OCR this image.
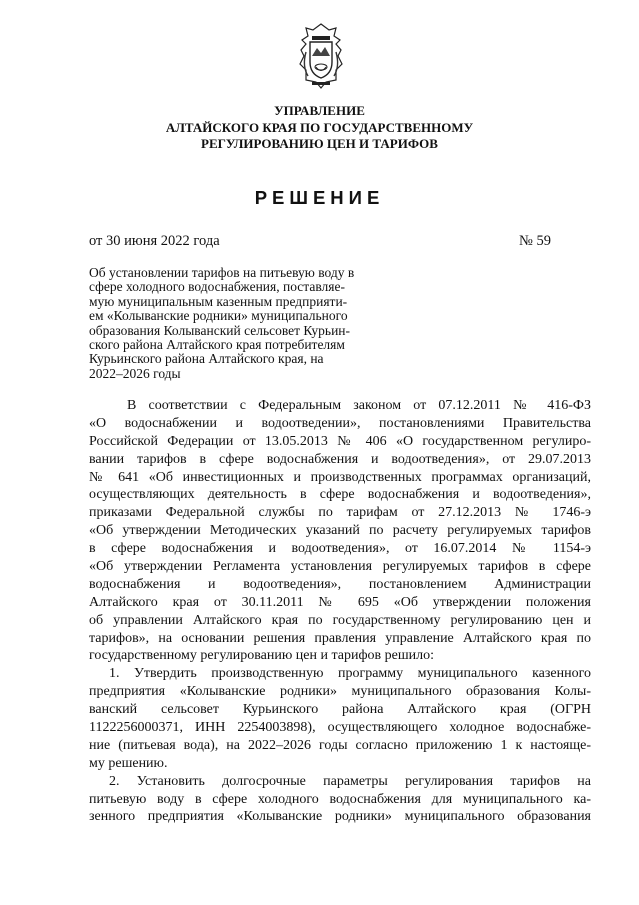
УПРАВЛЕНИЕ
АЛТАЙСКОГО КРАЯ ПО ГОСУДАРСТВЕННОМУ
РЕГУЛИРОВАНИЮ ЦЕН И ТАРИФОВ
РЕШЕНИЕ
от 30 июня 2022 года	№ 59
Об установлении тарифов на питьевую воду в
сфере холодного водоснабжения, поставляе-
мую муниципальным казенным предприяти-
ем «Колыванские родники» муниципального
образования Колыванский сельсовет Курьин-
ского района Алтайского края потребителям
Курьинского района Алтайского края, на
2022–2026 годы
В соответствии с Федеральным законом от 07.12.2011 № 416-ФЗ
«О водоснабжении и водоотведении», постановлениями Правительства
Российской Федерации от 13.05.2013 № 406 «О государственном регулиро-
вании тарифов в сфере водоснабжения и водоотведения», от 29.07.2013
№ 641 «Об инвестиционных и производственных программах организаций,
осуществляющих деятельность в сфере водоснабжения и водоотведения»,
приказами Федеральной службы по тарифам от 27.12.2013 № 1746-э
«Об утверждении Методических указаний по расчету регулируемых тарифов
в сфере водоснабжения и водоотведения», от 16.07.2014 № 1154-э
«Об утверждении Регламента установления регулируемых тарифов в сфере
водоснабжения и водоотведения», постановлением Администрации
Алтайского края от 30.11.2011 № 695 «Об утверждении положения
об управлении Алтайского края по государственному регулированию цен и
тарифов», на основании решения правления управление Алтайского края по
государственному регулированию цен и тарифов решило:
1. Утвердить производственную программу муниципального казенного
предприятия «Колыванские родники» муниципального образования Колы-
ванский сельсовет Курьинского района Алтайского края (ОГРН
1122256000371, ИНН 2254003898), осуществляющего холодное водоснабже-
ние (питьевая вода), на 2022–2026 годы согласно приложению 1 к настояще-
му решению.
2. Установить долгосрочные параметры регулирования тарифов на
питьевую воду в сфере холодного водоснабжения для муниципального ка-
зенного предприятия «Колыванские родники» муниципального образования
